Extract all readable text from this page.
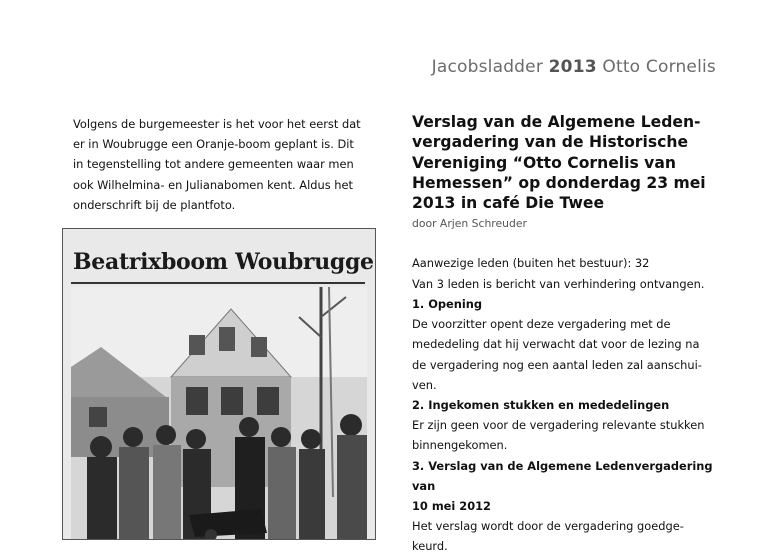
Jacobsladder 2013 Otto Cornelis
Volgens de burgemeester is het voor het eerst dat
er in Woubrugge een Oranje-boom geplant is. Dit
in tegenstelling tot andere gemeenten waar men
ook Wilhelmina- en Julianabomen kent. Aldus het
onderschrift bij de plantfoto.
Beatrixboom Woubrugge
Verslag van de Algemene Leden-
vergadering van de Historische
Vereniging “Otto Cornelis van
Hemessen” op donderdag 23 mei
2013 in café Die Twee
door Arjen Schreuder
Aanwezige leden (buiten het bestuur): 32
Van 3 leden is bericht van verhindering ontvangen.
1. Opening
De voorzitter opent deze vergadering met de
mededeling dat hij verwacht dat voor de lezing na
de vergadering nog een aantal leden zal aanschui-
ven.
2. Ingekomen stukken en mededelingen
Er zijn geen voor de vergadering relevante stukken
binnengekomen.
3. Verslag van de Algemene Ledenvergadering van
10 mei 2012
Het verslag wordt door de vergadering goedge-
keurd.
